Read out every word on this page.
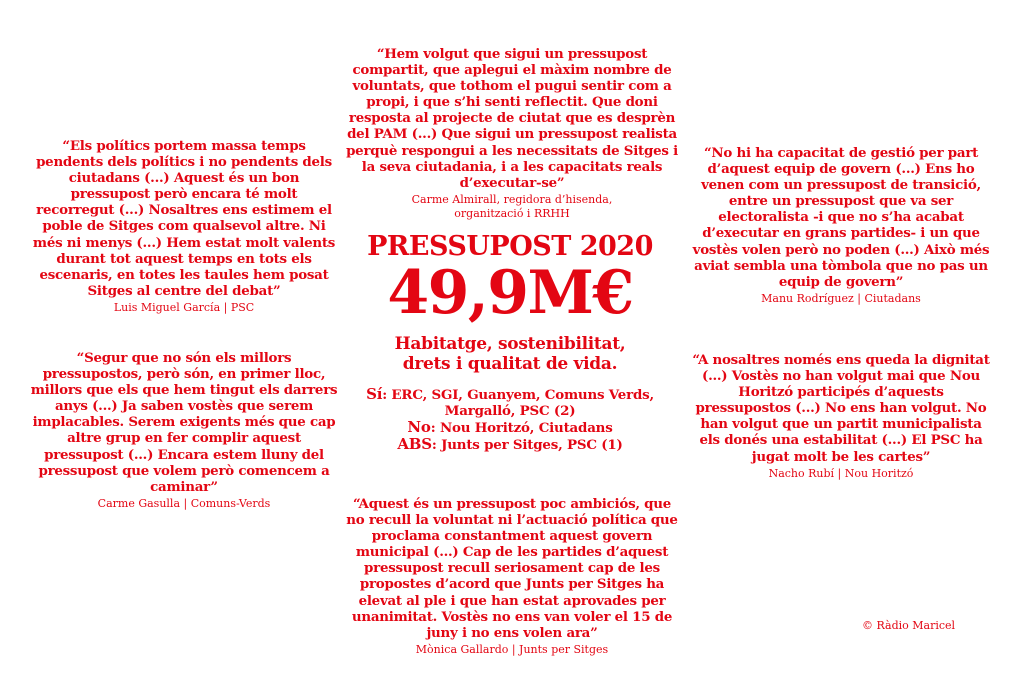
“Hem volgut que sigui un pressupost
compartit, que aplegui el màxim nombre de
voluntats, que tothom el pugui sentir com a
propi, i que s’hi senti reflectit. Que doni
resposta al projecte de ciutat que es desprèn
del PAM (...) Que sigui un pressupost realista
perquè respongui a les necessitats de Sitges i
la seva ciutadania, i a les capacitats reals
d’executar-se”

Carme Almirall, regidora d’hisenda,
organització i RRHH

“Els polítics portem massa temps
pendents dels polítics i no pendents dels
ciutadans (...) Aquest és un bon
pressupost però encara té molt
recorregut (...) Nosaltres ens estimem el
poble de Sitges com qualsevol altre. Ni
més ni menys (...) Hem estat molt valents
durant tot aquest temps en tots els
escenaris, en totes les taules hem posat
Sitges al centre del debat”

Luis Miguel García | PSC

“No hi ha capacitat de gestió per part
d’aquest equip de govern (...) Ens ho
venen com un pressupost de transició,
entre un pressupost que va ser
electoralista -i que no s’ha acabat
d’executar en grans partides- i un que
vostès volen però no poden (...) Això més
aviat sembla una tòmbola que no pas un
equip de govern”

Manu Rodríguez | Ciutadans

“Segur que no són els millors
pressupostos, però són, en primer lloc,
millors que els que hem tingut els darrers
anys (...) Ja saben vostès que serem
implacables. Serem exigents més que cap
altre grup en fer complir aquest
pressupost (...) Encara estem lluny del
pressupost que volem però comencem a
caminar”

Carme Gasulla | Comuns-Verds

“A nosaltres només ens queda la dignitat
(...) Vostès no han volgut mai que Nou
Horitzó participés d’aquests
pressupostos (...) No ens han volgut. No
han volgut que un partit municipalista
els donés una estabilitat (...) El PSC ha
jugat molt be les cartes”

Nacho Rubí | Nou Horitzó

“Aquest és un pressupost poc ambiciós, que
no recull la voluntat ni l’actuació política que
proclama constantment aquest govern
municipal (...) Cap de les partides d’aquest
pressupost recull seriosament cap de les
propostes d’acord que Junts per Sitges ha
elevat al ple i que han estat aprovades per
unanimitat. Vostès no ens van voler el 15 de
juny i no ens volen ara”

Mònica Gallardo | Junts per Sitges
PRESSUPOST 2020
49,9M€
Habitatge, sostenibilitat,
drets i qualitat de vida.
Sí: ERC, SGI, Guanyem, Comuns Verds,
Margalló, PSC (2)
No: Nou Horitzó, Ciutadans
ABS: Junts per Sitges, PSC (1)
© Ràdio Maricel
